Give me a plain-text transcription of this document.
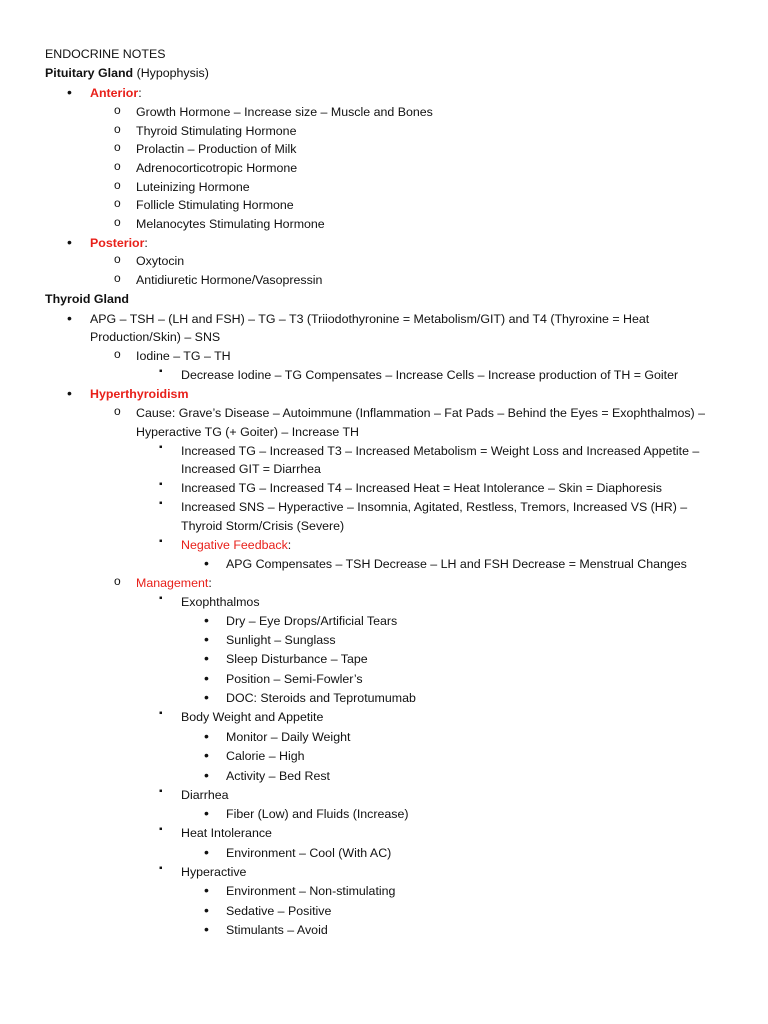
ENDOCRINE NOTES
Pituitary Gland (Hypophysis)
• Anterior:
o Growth Hormone – Increase size – Muscle and Bones
o Thyroid Stimulating Hormone
o Prolactin – Production of Milk
o Adrenocorticotropic Hormone
o Luteinizing Hormone
o Follicle Stimulating Hormone
o Melanocytes Stimulating Hormone
• Posterior:
o Oxytocin
o Antidiuretic Hormone/Vasopressin
Thyroid Gland
• APG – TSH – (LH and FSH) – TG – T3 (Triiodothyronine = Metabolism/GIT) and T4 (Thyroxine = Heat
Production/Skin) – SNS
o Iodine – TG – TH
▪ Decrease Iodine – TG Compensates – Increase Cells – Increase production of TH = Goiter
• Hyperthyroidism
o Cause: Grave’s Disease – Autoimmune (Inflammation – Fat Pads – Behind the Eyes = Exophthalmos) –
Hyperactive TG (+ Goiter) – Increase TH
▪ Increased TG – Increased T3 – Increased Metabolism = Weight Loss and Increased Appetite –
Increased GIT = Diarrhea
▪ Increased TG – Increased T4 – Increased Heat = Heat Intolerance – Skin = Diaphoresis
▪ Increased SNS – Hyperactive – Insomnia, Agitated, Restless, Tremors, Increased VS (HR) –
Thyroid Storm/Crisis (Severe)
▪ Negative Feedback:
• APG Compensates – TSH Decrease – LH and FSH Decrease = Menstrual Changes
o Management:
▪ Exophthalmos
• Dry – Eye Drops/Artificial Tears
• Sunlight – Sunglass
• Sleep Disturbance – Tape
• Position – Semi-Fowler’s
• DOC: Steroids and Teprotumumab
▪ Body Weight and Appetite
• Monitor – Daily Weight
• Calorie – High
• Activity – Bed Rest
▪ Diarrhea
• Fiber (Low) and Fluids (Increase)
▪ Heat Intolerance
• Environment – Cool (With AC)
▪ Hyperactive
• Environment – Non-stimulating
• Sedative – Positive
• Stimulants – Avoid
